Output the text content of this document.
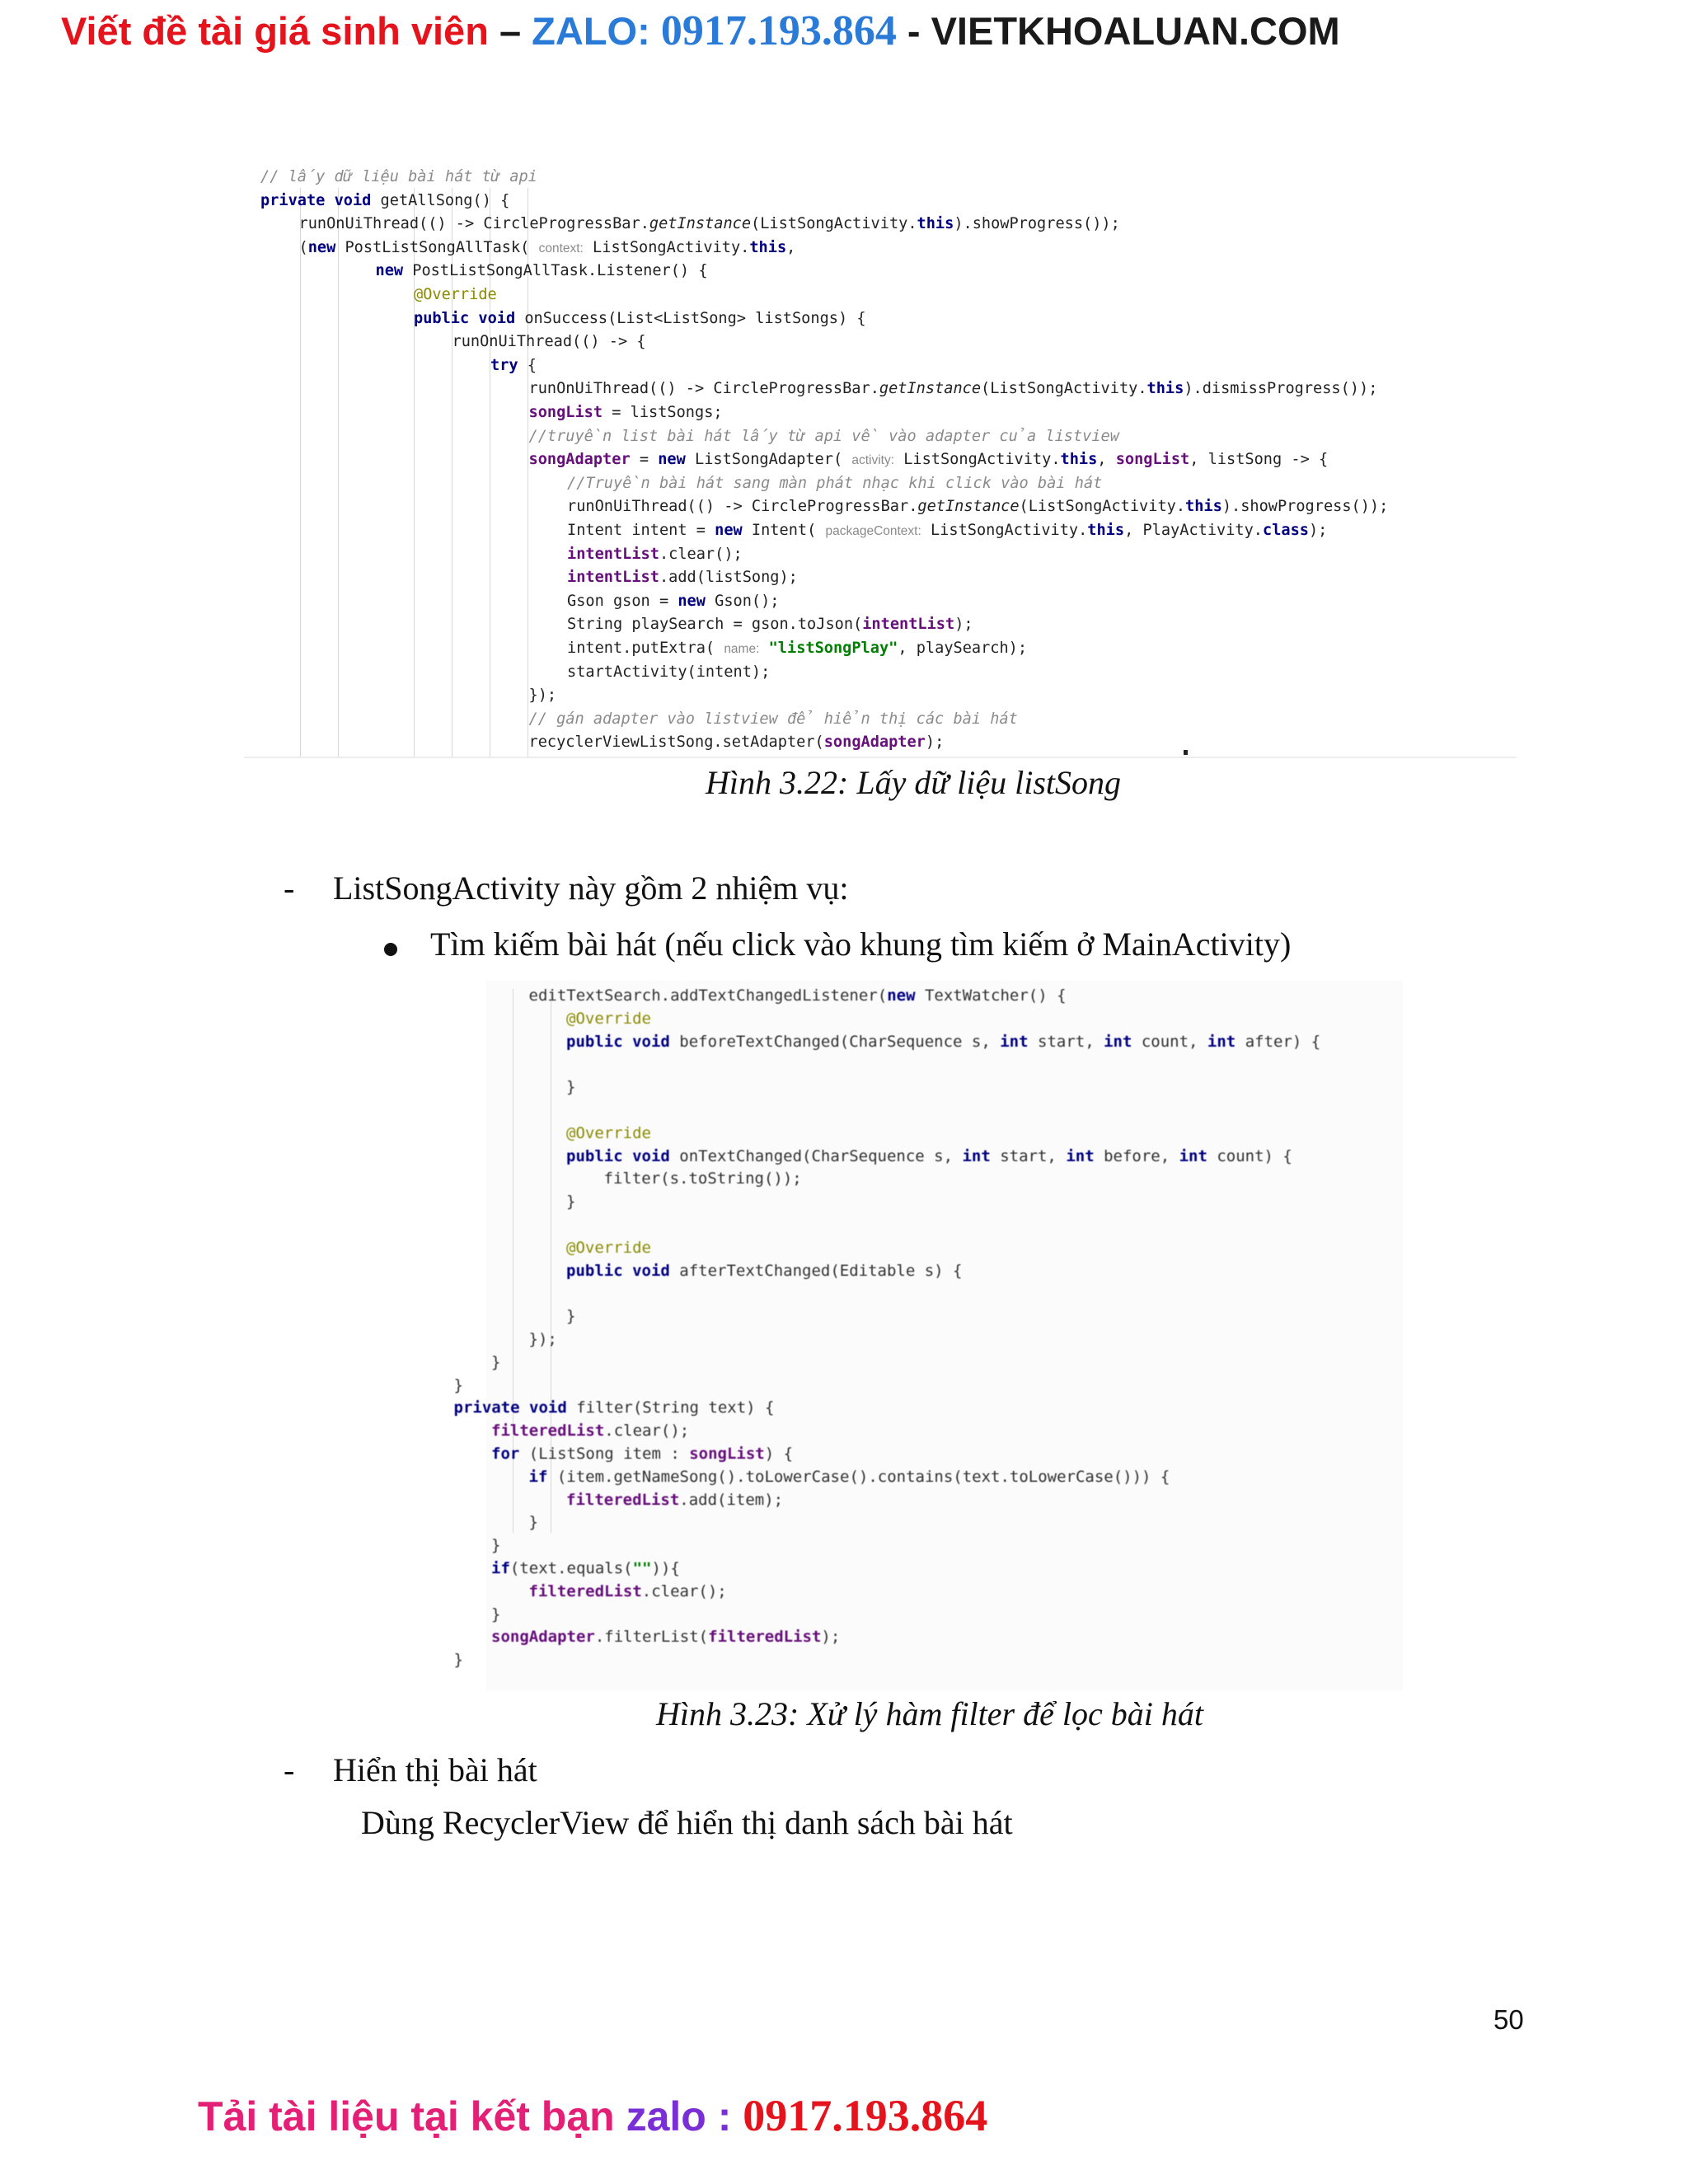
Viết đề tài giá sinh viên – ZALO: 0917.193.864 - VIETKHOALUAN.COM
// lấy dữ liệu bài hát từ api
private void getAllSong() {
runOnUiThread(() -> CircleProgressBar.getInstance(ListSongActivity.this).showProgress());
(new PostListSongAllTask( context: ListSongActivity.this,
new PostListSongAllTask.Listener() {
@Override
public void onSuccess(List<ListSong> listSongs) {
runOnUiThread(() -> {
try {
runOnUiThread(() -> CircleProgressBar.getInstance(ListSongActivity.this).dismissProgress());
songList = listSongs;
//truyền list bài hát lấy từ api về vào adapter của listview
songAdapter = new ListSongAdapter( activity: ListSongActivity.this, songList, listSong -> {
//Truyền bài hát sang màn phát nhạc khi click vào bài hát
runOnUiThread(() -> CircleProgressBar.getInstance(ListSongActivity.this).showProgress());
Intent intent = new Intent( packageContext: ListSongActivity.this, PlayActivity.class);
intentList.clear();
intentList.add(listSong);
Gson gson = new Gson();
String playSearch = gson.toJson(intentList);
intent.putExtra( name: "listSongPlay", playSearch);
startActivity(intent);
});
// gán adapter vào listview để hiển thị các bài hát
recyclerViewListSong.setAdapter(songAdapter);
Hình 3.22: Lấy dữ liệu listSong
- ListSongActivity này gồm 2 nhiệm vụ:
Tìm kiếm bài hát (nếu click vào khung tìm kiếm ở MainActivity)
editTextSearch.addTextChangedListener(new TextWatcher() {
@Override
public void beforeTextChanged(CharSequence s, int start, int count, int after) {
}
@Override
public void onTextChanged(CharSequence s, int start, int before, int count) {
filter(s.toString());
}
@Override
public void afterTextChanged(Editable s) {
}
});
}
}
private void filter(String text) {
filteredList.clear();
for (ListSong item : songList) {
if (item.getNameSong().toLowerCase().contains(text.toLowerCase())) {
filteredList.add(item);
}
}
if(text.equals("")){
filteredList.clear();
}
songAdapter.filterList(filteredList);
}
Hình 3.23: Xử lý hàm filter để lọc bài hát
- Hiển thị bài hát
Dùng RecyclerView để hiển thị danh sách bài hát
50
Tải tài liệu tại kết bạn zalo : 0917.193.864
